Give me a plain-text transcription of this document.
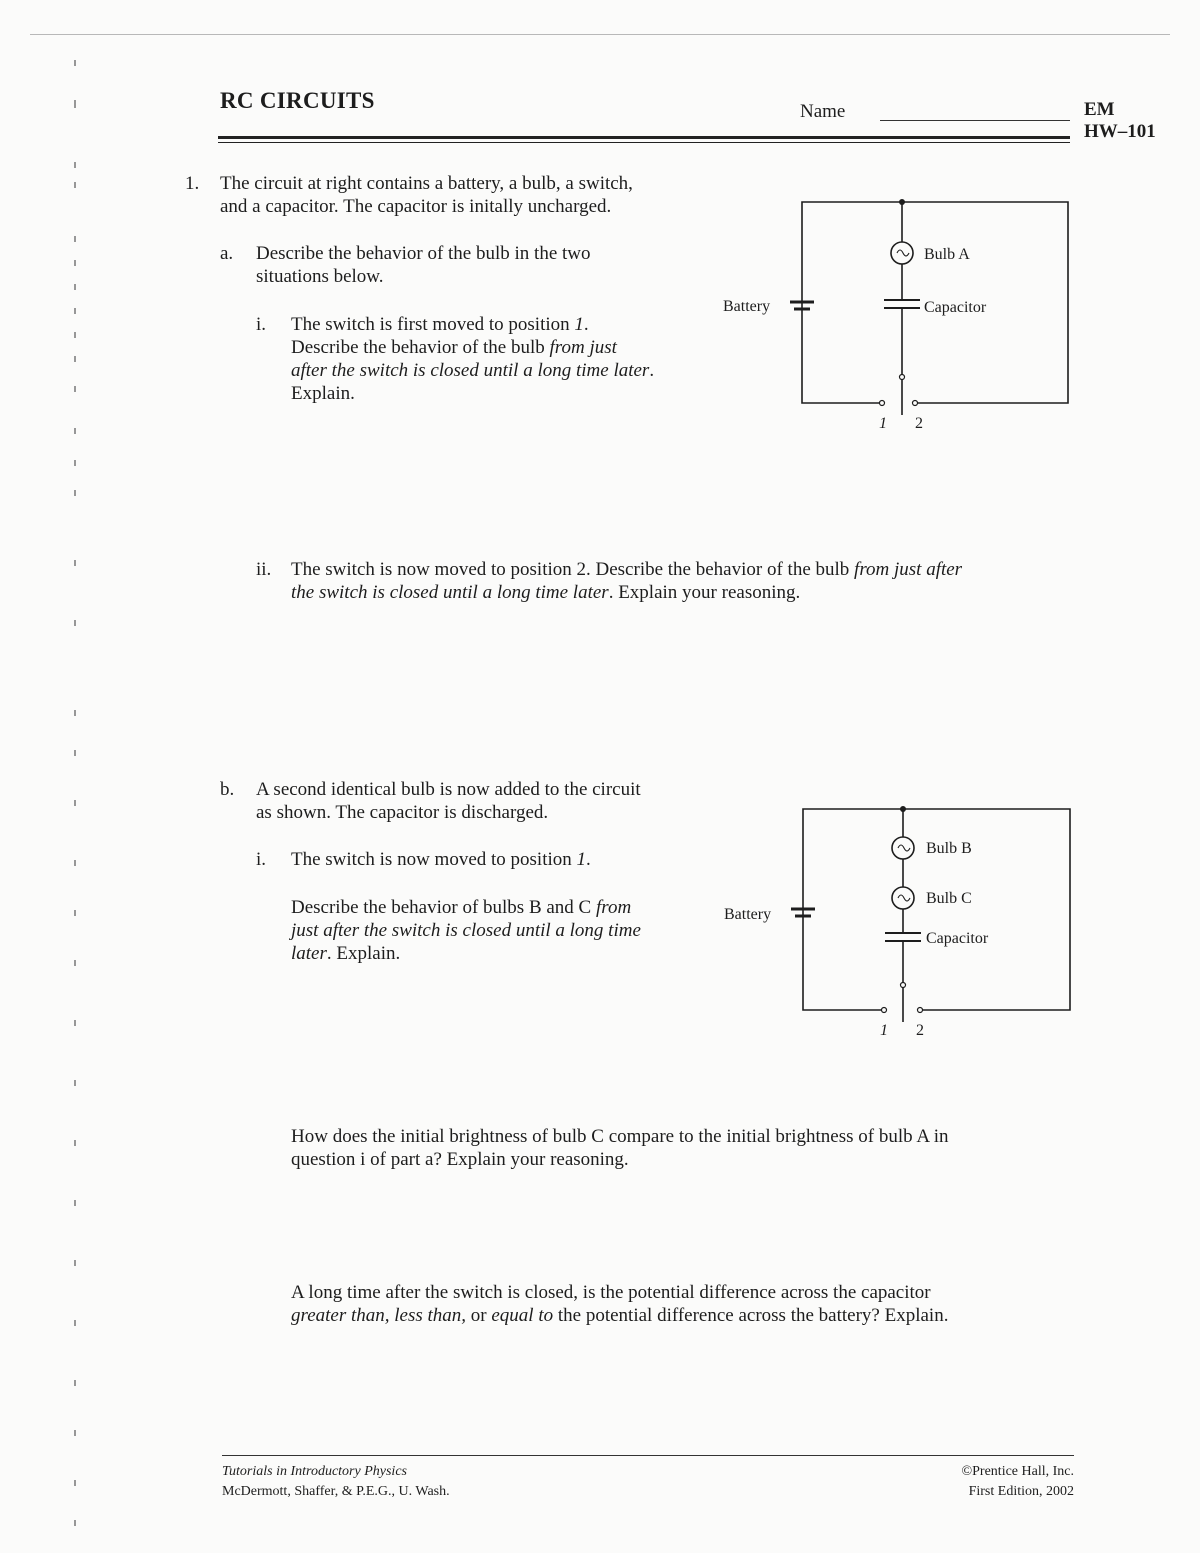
RC CIRCUITS	Name	EM
HW–101
1. The circuit at right contains a battery, a bulb, a switch,
and a capacitor. The capacitor is initally uncharged.
a. Describe the behavior of the bulb in the two
situations below.
i. The switch is first moved to position 1.
Describe the behavior of the bulb from just
after the switch is closed until a long time later.
Explain.
ii. The switch is now moved to position 2. Describe the behavior of the bulb from just after
the switch is closed until a long time later. Explain your reasoning.
b. A second identical bulb is now added to the circuit
as shown. The capacitor is discharged.
i. The switch is now moved to position 1.
Describe the behavior of bulbs B and C from
just after the switch is closed until a long time
later. Explain.
How does the initial brightness of bulb C compare to the initial brightness of bulb A in
question i of part a? Explain your reasoning.
A long time after the switch is closed, is the potential difference across the capacitor
greater than, less than, or equal to the potential difference across the battery? Explain.
Battery
Bulb A
Capacitor
1 2
Battery
Bulb B
Bulb C
Capacitor
1 2
Tutorials in Introductory Physics
McDermott, Shaffer, & P.E.G., U. Wash.
©Prentice Hall, Inc.
First Edition, 2002
